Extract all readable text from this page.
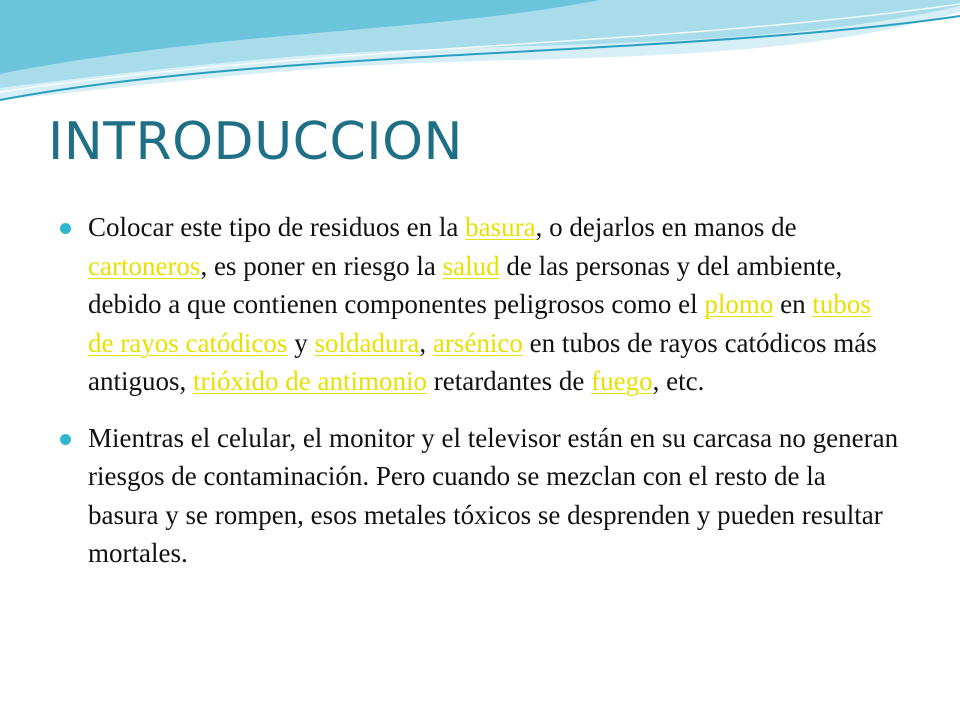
INTRODUCCION
Colocar este tipo de residuos en la basura, o dejarlos en manos de cartoneros, es poner en riesgo la salud de las personas y del ambiente, debido a que contienen componentes peligrosos como el plomo en tubos de rayos catódicos y soldadura, arsénico en tubos de rayos catódicos más antiguos, trióxido de antimonio retardantes de fuego, etc.
Mientras el celular, el monitor y el televisor están en su carcasa no generan riesgos de contaminación. Pero cuando se mezclan con el resto de la basura y se rompen, esos metales tóxicos se desprenden y pueden resultar mortales.
